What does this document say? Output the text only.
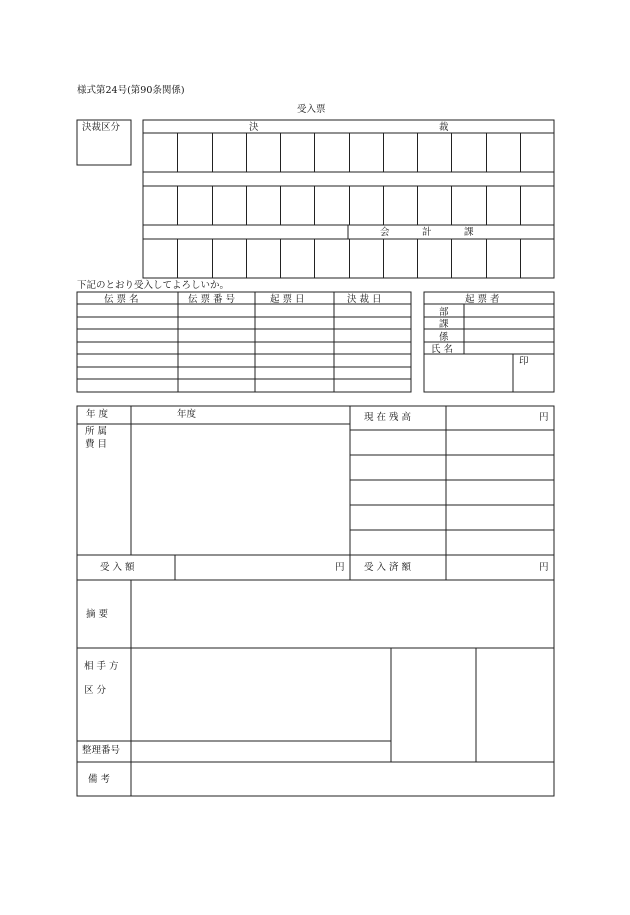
様式第24号(第90条関係)
受入票
決裁区分	決	裁
会	計	課
下記のとおり受入してよろしいか。
伝 票 名	伝 票 番 号	起 票 日	決 裁 日	起 票 者
部
課
係
氏 名
印
年 度	年度	現 在 残 高	円
所 属
費 目
受 入 額	円 受 入 済 額	円
摘 要
相 手 方
区 分
整理番号
備 考
